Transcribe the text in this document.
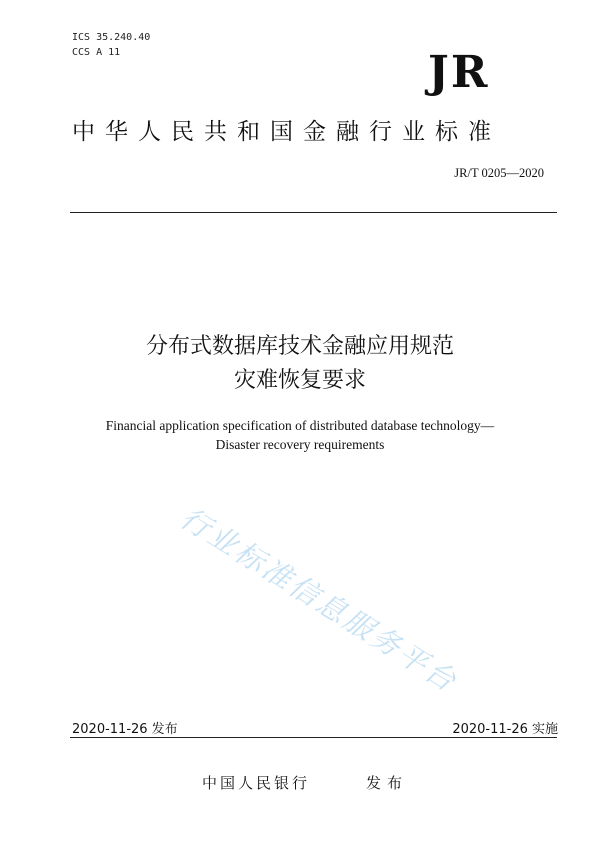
ICS 35.240.40
CCS A 11	JR
中华人民共和国金融行业标准
JR/T 0205—2020
分布式数据库技术金融应用规范
灾难恢复要求
Financial application specification of distributed database technology—
Disaster recovery requirements
行业标准信息服务平台
2020-11-26 发布	2020-11-26 实施
中国人民银行	发布
